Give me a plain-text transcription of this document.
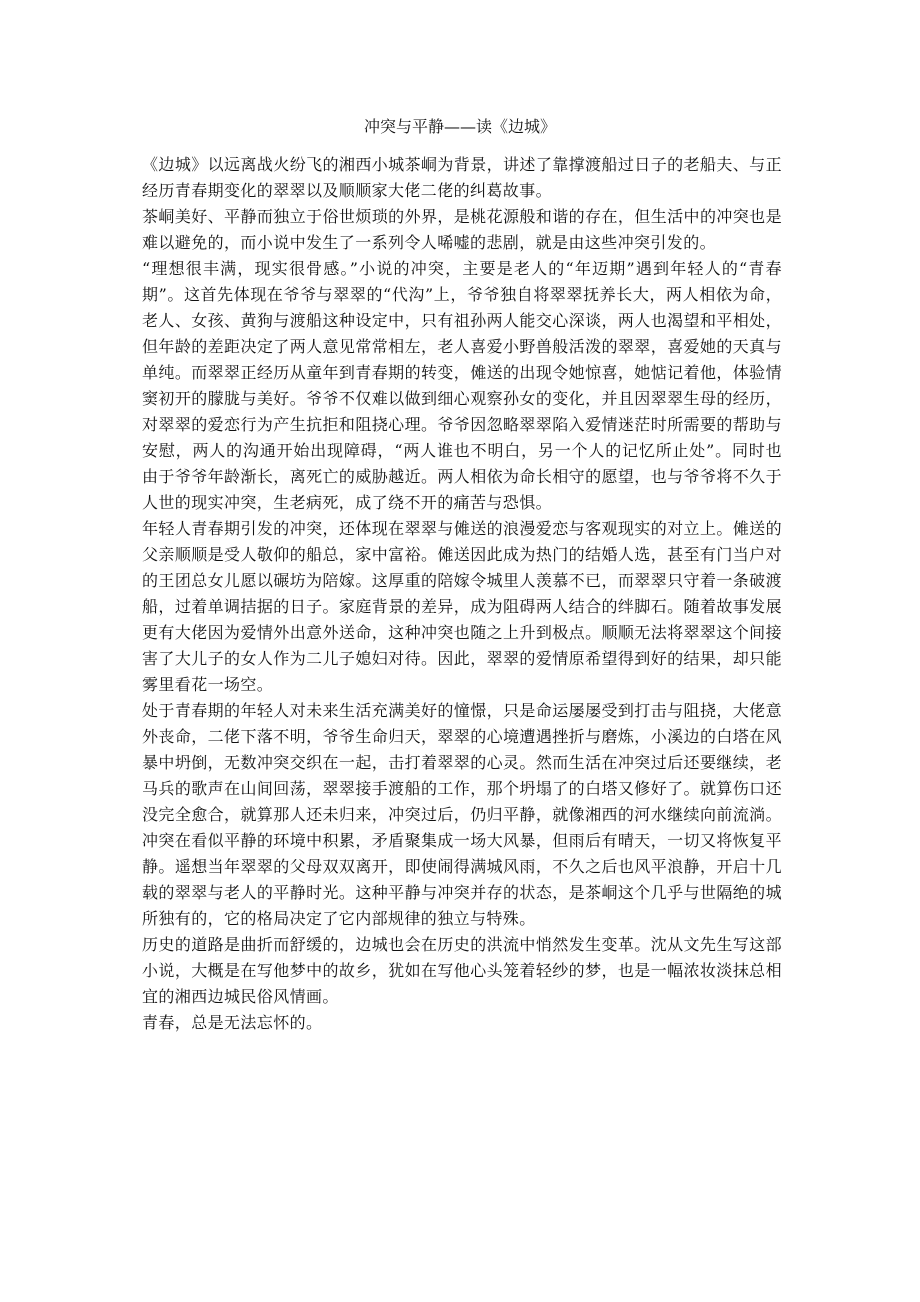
冲突与平静——读《边城》

《边城》以远离战火纷飞的湘西小城茶峒为背景，讲述了靠撑渡船过日子的老船夫、与正经历青春期变化的翠翠以及顺顺家大佬二佬的纠葛故事。

茶峒美好、平静而独立于俗世烦琐的外界，是桃花源般和谐的存在，但生活中的冲突也是难以避免的，而小说中发生了一系列令人唏嘘的悲剧，就是由这些冲突引发的。

“理想很丰满，现实很骨感。”小说的冲突，主要是老人的“年迈期”遇到年轻人的“青春期”。这首先体现在爷爷与翠翠的“代沟”上，爷爷独自将翠翠抚养长大，两人相依为命，老人、女孩、黄狗与渡船这种设定中，只有祖孙两人能交心深谈，两人也渴望和平相处，但年龄的差距决定了两人意见常常相左，老人喜爱小野兽般活泼的翠翠，喜爱她的天真与单纯。而翠翠正经历从童年到青春期的转变，傩送的出现令她惊喜，她惦记着他，体验情窦初开的朦胧与美好。爷爷不仅难以做到细心观察孙女的变化，并且因翠翠生母的经历，对翠翠的爱恋行为产生抗拒和阻挠心理。爷爷因忽略翠翠陷入爱情迷茫时所需要的帮助与安慰，两人的沟通开始出现障碍，“两人谁也不明白，另一个人的记忆所止处”。同时也由于爷爷年龄渐长，离死亡的威胁越近。两人相依为命长相守的愿望，也与爷爷将不久于人世的现实冲突，生老病死，成了绕不开的痛苦与恐惧。

年轻人青春期引发的冲突，还体现在翠翠与傩送的浪漫爱恋与客观现实的对立上。傩送的父亲顺顺是受人敬仰的船总，家中富裕。傩送因此成为热门的结婚人选，甚至有门当户对的王团总女儿愿以碾坊为陪嫁。这厚重的陪嫁令城里人羡慕不已，而翠翠只守着一条破渡船，过着单调拮据的日子。家庭背景的差异，成为阻碍两人结合的绊脚石。随着故事发展更有大佬因为爱情外出意外送命，这种冲突也随之上升到极点。顺顺无法将翠翠这个间接害了大儿子的女人作为二儿子媳妇对待。因此，翠翠的爱情原希望得到好的结果，却只能雾里看花一场空。

处于青春期的年轻人对未来生活充满美好的憧憬，只是命运屡屡受到打击与阻挠，大佬意外丧命，二佬下落不明，爷爷生命归天，翠翠的心境遭遇挫折与磨炼，小溪边的白塔在风暴中坍倒，无数冲突交织在一起，击打着翠翠的心灵。然而生活在冲突过后还要继续，老马兵的歌声在山间回荡，翠翠接手渡船的工作，那个坍塌了的白塔又修好了。就算伤口还没完全愈合，就算那人还未归来，冲突过后，仍归平静，就像湘西的河水继续向前流淌。冲突在看似平静的环境中积累，矛盾聚集成一场大风暴，但雨后有晴天，一切又将恢复平静。遥想当年翠翠的父母双双离开，即使闹得满城风雨，不久之后也风平浪静，开启十几载的翠翠与老人的平静时光。这种平静与冲突并存的状态，是茶峒这个几乎与世隔绝的城所独有的，它的格局决定了它内部规律的独立与特殊。

历史的道路是曲折而舒缓的，边城也会在历史的洪流中悄然发生变革。沈从文先生写这部小说，大概是在写他梦中的故乡，犹如在写他心头笼着轻纱的梦，也是一幅浓妆淡抹总相宜的湘西边城民俗风情画。

青春，总是无法忘怀的。
